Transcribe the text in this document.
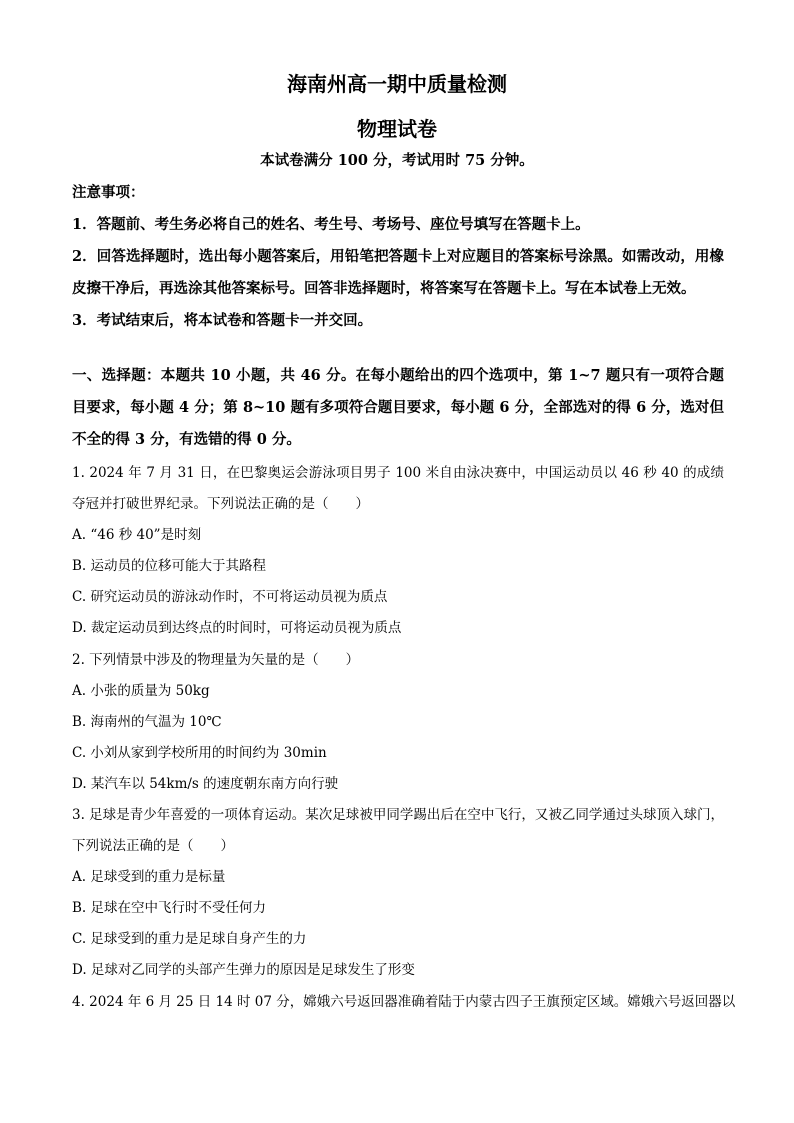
海南州高一期中质量检测
物理试卷
本试卷满分 100 分，考试用时 75 分钟。
注意事项：
1．答题前、考生务必将自己的姓名、考生号、考场号、座位号填写在答题卡上。
2．回答选择题时，选出每小题答案后，用铅笔把答题卡上对应题目的答案标号涂黑。如需改动，用橡皮擦干净后，再选涂其他答案标号。回答非选择题时，将答案写在答题卡上。写在本试卷上无效。
3．考试结束后，将本试卷和答题卡一并交回。
一、选择题：本题共 10 小题，共 46 分。在每小题给出的四个选项中，第 1~7 题只有一项符合题目要求，每小题 4 分；第 8~10 题有多项符合题目要求，每小题 6 分，全部选对的得 6 分，选对但不全的得 3 分，有选错的得 0 分。
1. 2024 年 7 月 31 日，在巴黎奥运会游泳项目男子 100 米自由泳决赛中，中国运动员以 46 秒 40 的成绩夺冠并打破世界纪录。下列说法正确的是（　　）
A. “46 秒 40”是时刻
B. 运动员的位移可能大于其路程
C. 研究运动员的游泳动作时，不可将运动员视为质点
D. 裁定运动员到达终点的时间时，可将运动员视为质点
2. 下列情景中涉及的物理量为矢量的是（　　）
A. 小张的质量为 50kg
B. 海南州的气温为 10℃
C. 小刘从家到学校所用的时间约为 30min
D. 某汽车以 54km/s 的速度朝东南方向行驶
3. 足球是青少年喜爱的一项体育运动。某次足球被甲同学踢出后在空中飞行，又被乙同学通过头球顶入球门，下列说法正确的是（　　）
A. 足球受到的重力是标量
B. 足球在空中飞行时不受任何力
C. 足球受到的重力是足球自身产生的力
D. 足球对乙同学的头部产生弹力的原因是足球发生了形变
4. 2024 年 6 月 25 日 14 时 07 分，嫦娥六号返回器准确着陆于内蒙古四子王旗预定区域。嫦娥六号返回器以
